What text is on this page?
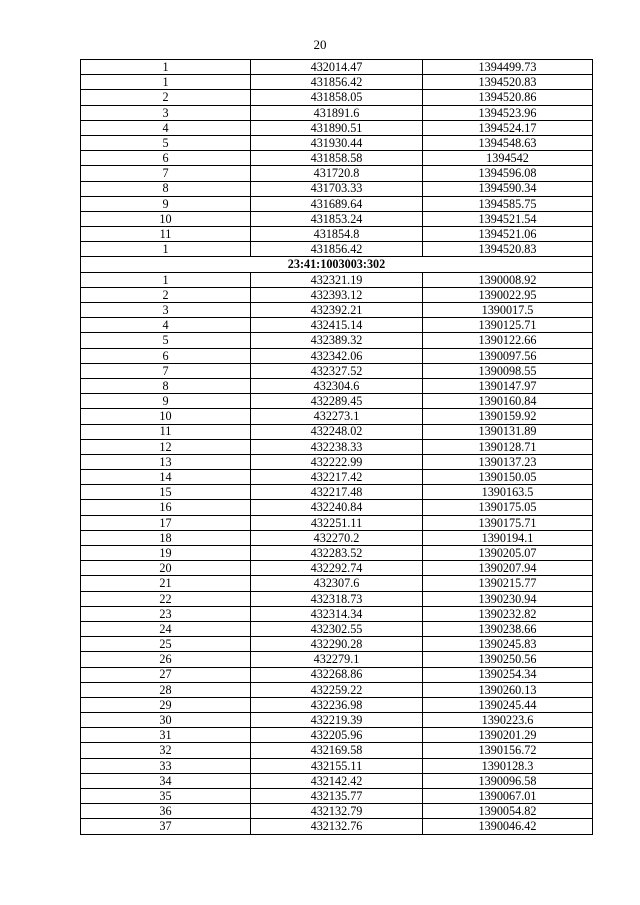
20
1	432014.47	1394499.73
1	431856.42	1394520.83
2	431858.05	1394520.86
3	431891.6	1394523.96
4	431890.51	1394524.17
5	431930.44	1394548.63
6	431858.58	1394542
7	431720.8	1394596.08
8	431703.33	1394590.34
9	431689.64	1394585.75
10	431853.24	1394521.54
11	431854.8	1394521.06
1	431856.42	1394520.83
23:41:1003003:302		
1	432321.19	1390008.92
2	432393.12	1390022.95
3	432392.21	1390017.5
4	432415.14	1390125.71
5	432389.32	1390122.66
6	432342.06	1390097.56
7	432327.52	1390098.55
8	432304.6	1390147.97
9	432289.45	1390160.84
10	432273.1	1390159.92
11	432248.02	1390131.89
12	432238.33	1390128.71
13	432222.99	1390137.23
14	432217.42	1390150.05
15	432217.48	1390163.5
16	432240.84	1390175.05
17	432251.11	1390175.71
18	432270.2	1390194.1
19	432283.52	1390205.07
20	432292.74	1390207.94
21	432307.6	1390215.77
22	432318.73	1390230.94
23	432314.34	1390232.82
24	432302.55	1390238.66
25	432290.28	1390245.83
26	432279.1	1390250.56
27	432268.86	1390254.34
28	432259.22	1390260.13
29	432236.98	1390245.44
30	432219.39	1390223.6
31	432205.96	1390201.29
32	432169.58	1390156.72
33	432155.11	1390128.3
34	432142.42	1390096.58
35	432135.77	1390067.01
36	432132.79	1390054.82
37	432132.76	1390046.42
